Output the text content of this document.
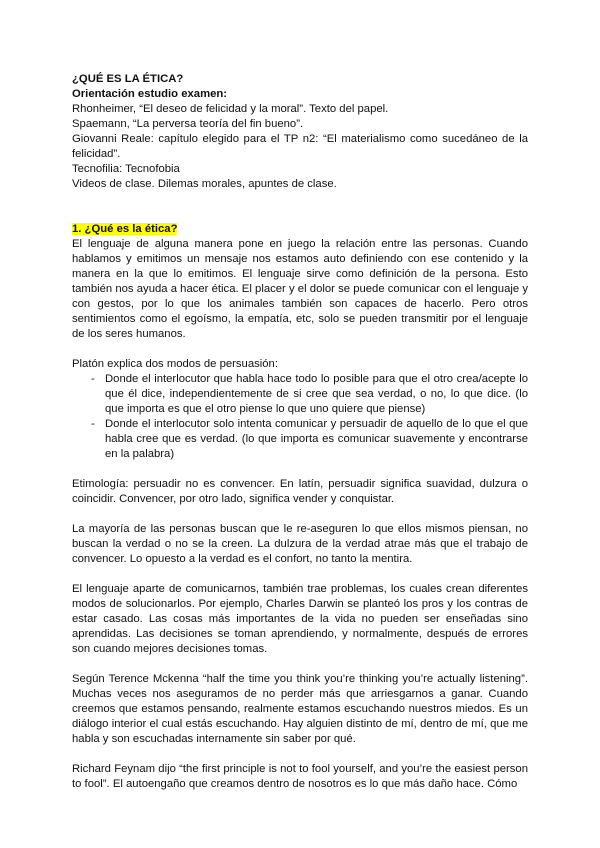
¿QUÉ ES LA ÉTICA?

Orientación estudio examen:

Rhonheimer, “El deseo de felicidad y la moral”. Texto del papel.

Spaemann, “La perversa teoría del fin bueno”.

Giovanni Reale: capítulo elegido para el TP n2: “El materialismo como sucedáneo de la felicidad”.

Tecnofilia: Tecnofobia

Videos de clase. Dilemas morales, apuntes de clase.

1. ¿Qué es la ética?

El lenguaje de alguna manera pone en juego la relación entre las personas. Cuando hablamos y emitimos un mensaje nos estamos auto definiendo con ese contenido y la manera en la que lo emitimos. El lenguaje sirve como definición de la persona. Esto también nos ayuda a hacer ética. El placer y el dolor se puede comunicar con el lenguaje y con gestos, por lo que los animales también son capaces de hacerlo. Pero otros sentimientos como el egoísmo, la empatía, etc, solo se pueden transmitir por el lenguaje de los seres humanos.

Platón explica dos modos de persuasión:

- Donde el interlocutor que habla hace todo lo posible para que el otro crea/acepte lo que él dice, independientemente de si cree que sea verdad, o no, lo que dice. (lo que importa es que el otro piense lo que uno quiere que piense)
- Donde el interlocutor solo intenta comunicar y persuadir de aquello de lo que el que habla cree que es verdad. (lo que importa es comunicar suavemente y encontrarse en la palabra)

Etimología: persuadir no es convencer. En latín, persuadir significa suavidad, dulzura o coincidir. Convencer, por otro lado, significa vender y conquistar.

La mayoría de las personas buscan que le re-aseguren lo que ellos mismos piensan, no buscan la verdad o no se la creen. La dulzura de la verdad atrae más que el trabajo de convencer. Lo opuesto a la verdad es el confort, no tanto la mentira.

El lenguaje aparte de comunicarnos, también trae problemas, los cuales crean diferentes modos de solucionarlos. Por ejemplo, Charles Darwin se planteó los pros y los contras de estar casado. Las cosas más importantes de la vida no pueden ser enseñadas sino aprendidas. Las decisiones se toman aprendiendo, y normalmente, después de errores son cuando mejores decisiones tomas.

Según Terence Mckenna “half the time you think you’re thinking you’re actually listening”. Muchas veces nos aseguramos de no perder más que arriesgarnos a ganar. Cuando creemos que estamos pensando, realmente estamos escuchando nuestros miedos. Es un diálogo interior el cual estás escuchando. Hay alguien distinto de mí, dentro de mí, que me habla y son escuchadas internamente sin saber por qué.

Richard Feynam dijo “the first principle is not to fool yourself, and you’re the easiest person to fool”. El autoengaño que creamos dentro de nosotros es lo que más daño hace. Cómo
